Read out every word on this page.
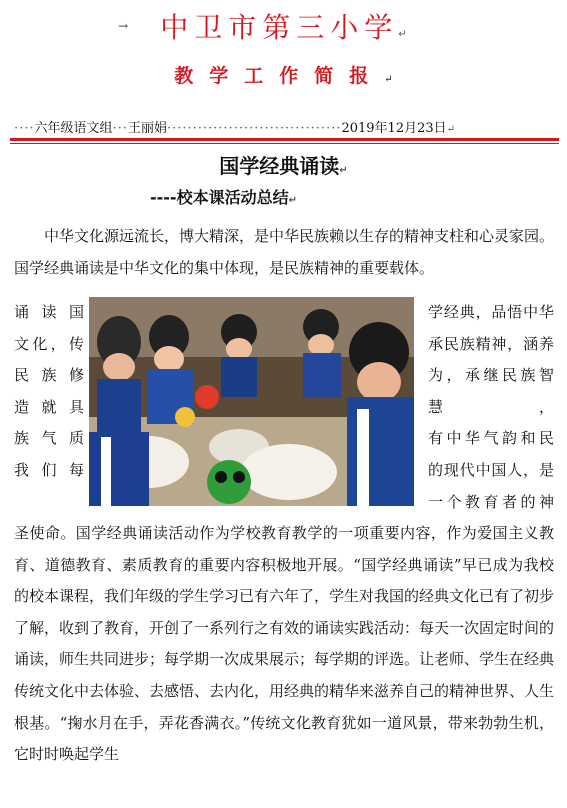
中卫市第三小学↵
→
教学工作简报↵
····六年级语文组···王丽娟··································2019年12月23日↵
国学经典诵读↵
----校本课活动总结↵
中华文化源远流长，博大精深，是中华民族赖以生存的精神支柱和心灵家园。国学经典诵读是中华文化的集中体现，是民族精神的重要载体。
诵读国
文化，传
民族修
造就具
族气质
我们每
学经典，品悟中华
承民族精神，涵养
为，承继民族智慧，
有中华气韵和民
的现代中国人，是
一个教育者的神
圣使命。国学经典诵读活动作为学校教育教学的一项重要内容，作为爱国主义教育、道德教育、素质教育的重要内容积极地开展。“国学经典诵读”早已成为我校的校本课程，我们年级的学生学习已有六年了，学生对我国的经典文化已有了初步了解，收到了教育，开创了一系列行之有效的诵读实践活动：每天一次固定时间的诵读，师生共同进步；每学期一次成果展示；每学期的评选。让老师、学生在经典传统文化中去体验、去感悟、去内化，用经典的精华来滋养自己的精神世界、人生根基。“掬水月在手，弄花香满衣。”传统文化教育犹如一道风景，带来勃勃生机，它时时唤起学生
